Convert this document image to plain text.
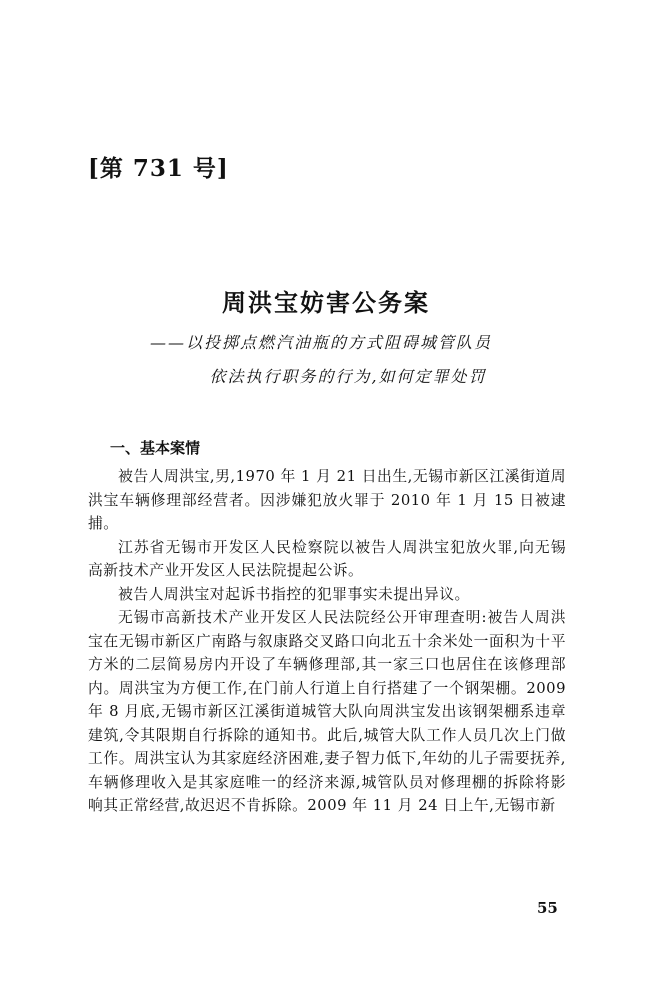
[第 731 号]
周洪宝妨害公务案
——以投掷点燃汽油瓶的方式阻碍城管队员
依法执行职务的行为,如何定罪处罚
一、基本案情

被告人周洪宝,男,1970 年 1 月 21 日出生,无锡市新区江溪街道周洪宝车辆修理部经营者。因涉嫌犯放火罪于 2010 年 1 月 15 日被逮捕。

江苏省无锡市开发区人民检察院以被告人周洪宝犯放火罪,向无锡高新技术产业开发区人民法院提起公诉。

被告人周洪宝对起诉书指控的犯罪事实未提出异议。

无锡市高新技术产业开发区人民法院经公开审理查明:被告人周洪宝在无锡市新区广南路与叙康路交叉路口向北五十余米处一面积为十平方米的二层简易房内开设了车辆修理部,其一家三口也居住在该修理部内。周洪宝为方便工作,在门前人行道上自行搭建了一个钢架棚。2009 年 8 月底,无锡市新区江溪街道城管大队向周洪宝发出该钢架棚系违章建筑,令其限期自行拆除的通知书。此后,城管大队工作人员几次上门做工作。周洪宝认为其家庭经济困难,妻子智力低下,年幼的儿子需要抚养,车辆修理收入是其家庭唯一的经济来源,城管队员对修理棚的拆除将影响其正常经营,故迟迟不肯拆除。2009 年 11 月 24 日上午,无锡市新

55
